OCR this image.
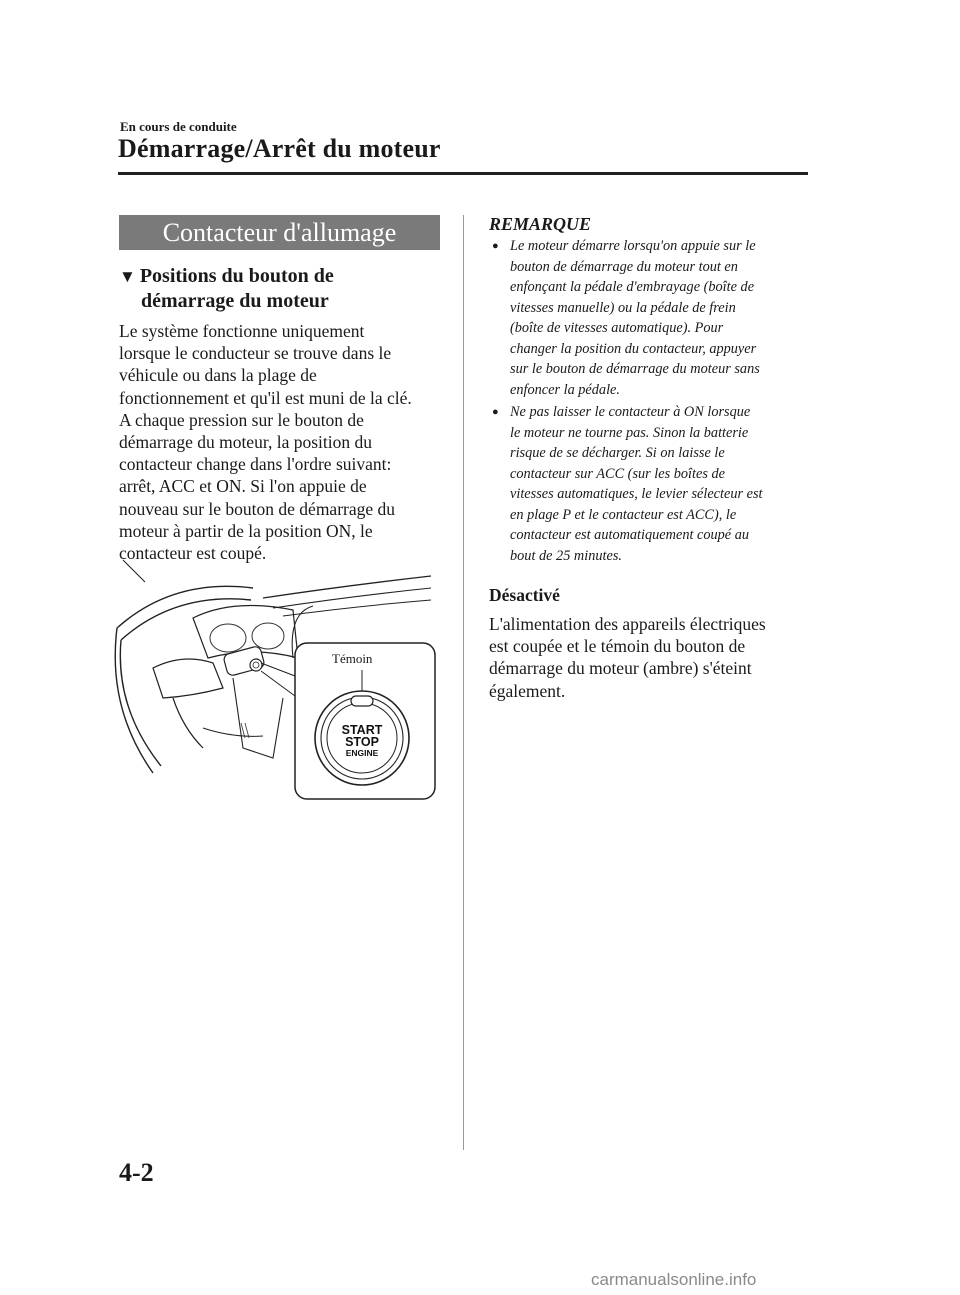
En cours de conduite
Démarrage/Arrêt du moteur
Contacteur d'allumage
▼ Positions du bouton de
démarrage du moteur
Le système fonctionne uniquement
lorsque le conducteur se trouve dans le
véhicule ou dans la plage de
fonctionnement et qu'il est muni de la clé.
A chaque pression sur le bouton de
démarrage du moteur, la position du
contacteur change dans l'ordre suivant:
arrêt, ACC et ON. Si l'on appuie de
nouveau sur le bouton de démarrage du
moteur à partir de la position ON, le
contacteur est coupé.
START
STOP
ENGINE
Témoin
REMARQUE
● Le moteur démarre lorsqu'on appuie sur le
bouton de démarrage du moteur tout en
enfonçant la pédale d'embrayage (boîte de
vitesses manuelle) ou la pédale de frein
(boîte de vitesses automatique). Pour
changer la position du contacteur, appuyer
sur le bouton de démarrage du moteur sans
enfoncer la pédale.
● Ne pas laisser le contacteur à ON lorsque
le moteur ne tourne pas. Sinon la batterie
risque de se décharger. Si on laisse le
contacteur sur ACC (sur les boîtes de
vitesses automatiques, le levier sélecteur est
en plage P et le contacteur est ACC), le
contacteur est automatiquement coupé au
bout de 25 minutes.
Désactivé
L'alimentation des appareils électriques
est coupée et le témoin du bouton de
démarrage du moteur (ambre) s'éteint
également.
4-2
carmanualsonline.info
